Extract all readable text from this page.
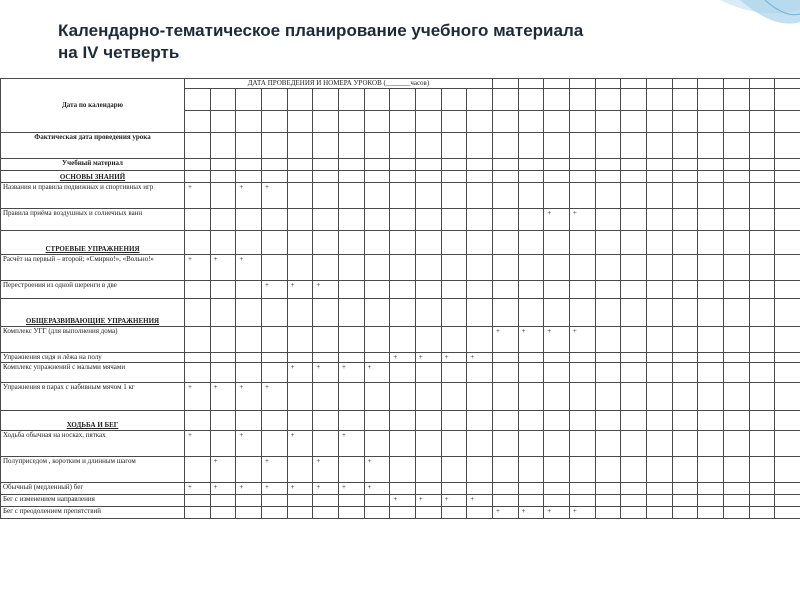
Календарно-тематическое планирование учебного материала
на IV четверть
Дата по календарю	ДАТА ПРОВЕДЕНИЯ И НОМЕРА УРОКОВ (_______часов)																							

Фактическая дата проведения урока																								
Учебный материал																								
ОСНОВЫ ЗНАНИЙ																								
Названия и правила подвижных и спортивных игр	+		+	+																				
Правила приёма воздушных и солнечных ванн															+	+								
СТРОЕВЫЕ УПРАЖНЕНИЯ																								
Расчёт на первый – второй; «Смирно!», «Вольно!»	+	+	+																					
Перестроения из одной шеренги в две				+	+	+																		
ОБЩЕРАЗВИВАЮЩИЕ УПРАЖНЕНИЯ																								
Комплекс УГГ (для выполнения дома)													+	+	+	+								
Упражнения сидя и лёжа на полу									+	+	+	+												
Комплекс упражнений с малыми мячами					+	+	+	+																
Упражнения в парах с набивным мячом 1 кг	+	+	+	+																				
ХОДЬБА И БЕГ																								
Ходьба обычная на носках, пятках	+		+		+		+																	
Полуприседом , коротким и длинным шагом		+		+		+		+																
Обычный (медленный) бег	+	+	+	+	+	+	+	+																
Бег с изменением направления									+	+	+	+												
Бег с преодолением препятствий													+	+	+	+								
